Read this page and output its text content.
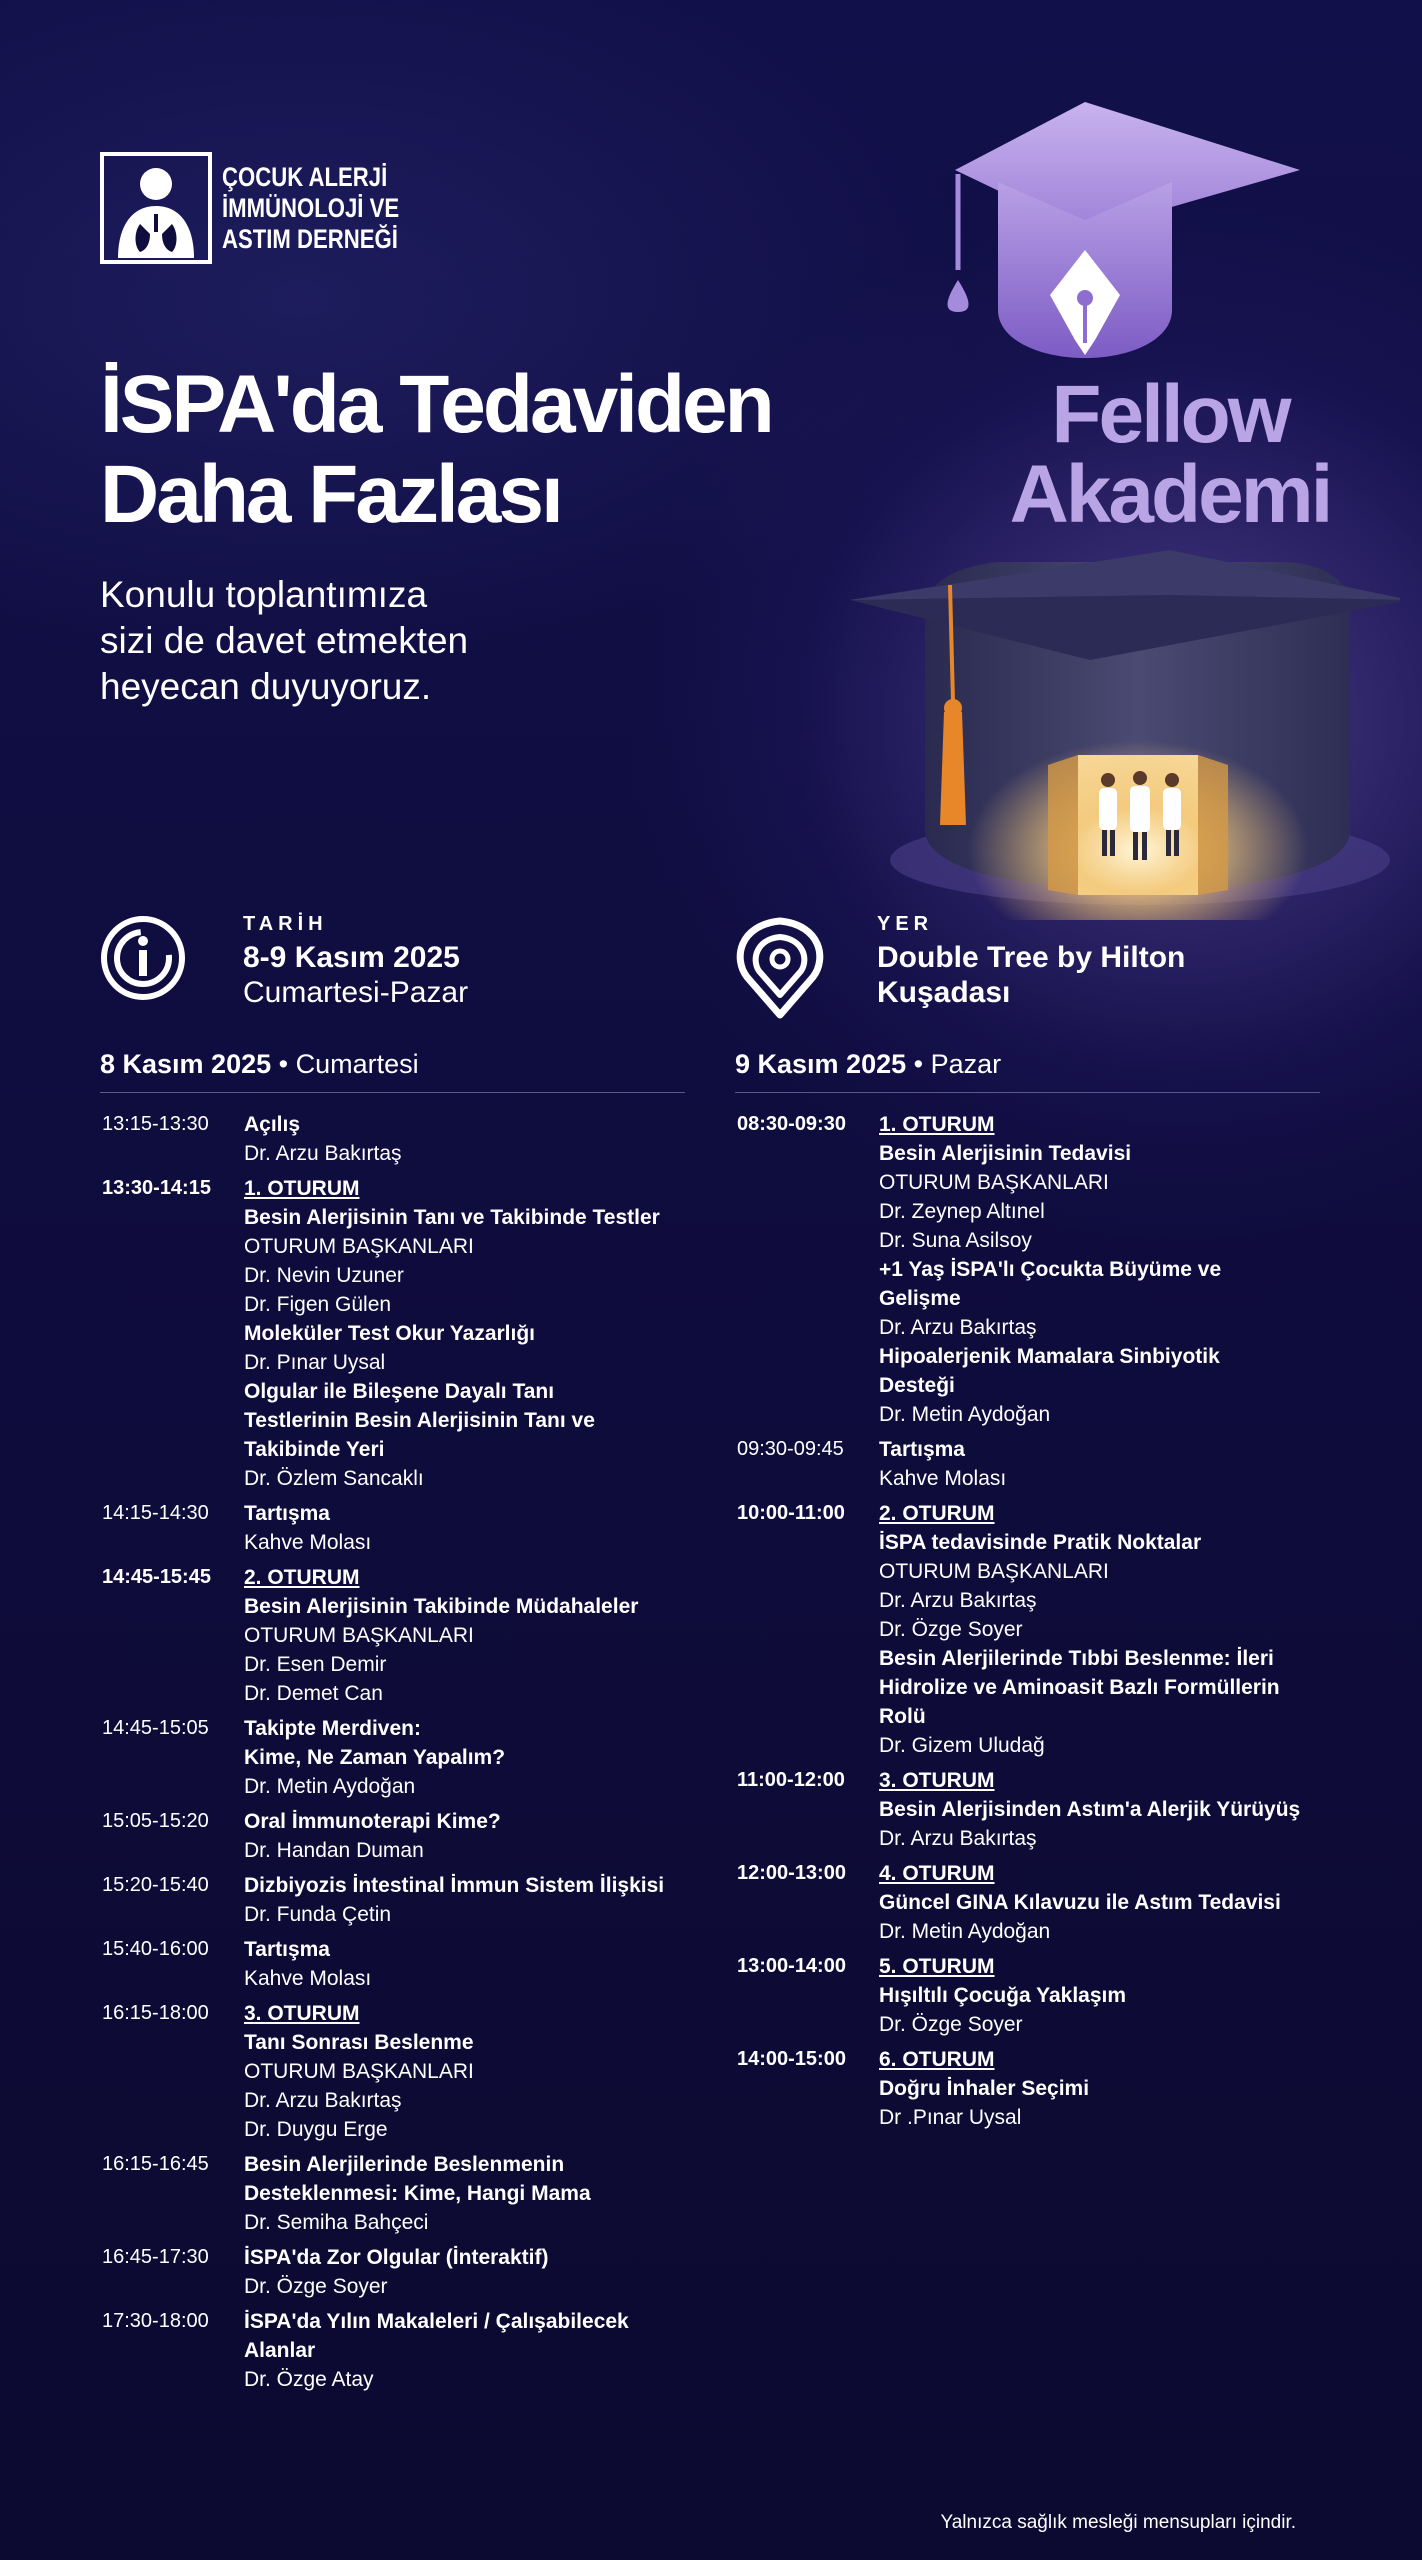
ÇOCUK ALERJİ
İMMÜNOLOJİ VE
ASTIM DERNEĞİ
İSPA'da Tedaviden
Daha Fazlası
Konulu toplantımıza
sizi de davet etmekten
heyecan duyuyoruz.
Fellow
Akademi
TARİH
8-9 Kasım 2025
Cumartesi-Pazar
YER
Double Tree by Hilton
Kuşadası
8 Kasım 2025 • Cumartesi	9 Kasım 2025 • Pazar
13:15-13:30	Açılış
Dr. Arzu Bakırtaş
13:30-14:15	1. OTURUM
Besin Alerjisinin Tanı ve Takibinde Testler
OTURUM BAŞKANLARI
Dr. Nevin Uzuner
Dr. Figen Gülen
Moleküler Test Okur Yazarlığı
Dr. Pınar Uysal
Olgular ile Bileşene Dayalı Tanı
Testlerinin Besin Alerjisinin Tanı ve
Takibinde Yeri
Dr. Özlem Sancaklı
14:15-14:30	Tartışma
Kahve Molası
14:45-15:45	2. OTURUM
Besin Alerjisinin Takibinde Müdahaleler
OTURUM BAŞKANLARI
Dr. Esen Demir
Dr. Demet Can
14:45-15:05	Takipte Merdiven:
Kime, Ne Zaman Yapalım?
Dr. Metin Aydoğan
15:05-15:20	Oral İmmunoterapi Kime?
Dr. Handan Duman
15:20-15:40	Dizbiyozis İntestinal İmmun Sistem İlişkisi
Dr. Funda Çetin
15:40-16:00	Tartışma
Kahve Molası
16:15-18:00	3. OTURUM
Tanı Sonrası Beslenme
OTURUM BAŞKANLARI
Dr. Arzu Bakırtaş
Dr. Duygu Erge
16:15-16:45	Besin Alerjilerinde Beslenmenin
Desteklenmesi: Kime, Hangi Mama
Dr. Semiha Bahçeci
16:45-17:30	İSPA'da Zor Olgular (İnteraktif)
Dr. Özge Soyer
17:30-18:00	İSPA'da Yılın Makaleleri / Çalışabilecek
Alanlar
Dr. Özge Atay
08:30-09:30	1. OTURUM
Besin Alerjisinin Tedavisi
OTURUM BAŞKANLARI
Dr. Zeynep Altınel
Dr. Suna Asilsoy
+1 Yaş İSPA'lı Çocukta Büyüme ve
Gelişme
Dr. Arzu Bakırtaş
Hipoalerjenik Mamalara Sinbiyotik
Desteği
Dr. Metin Aydoğan
09:30-09:45	Tartışma
Kahve Molası
10:00-11:00	2. OTURUM
İSPA tedavisinde Pratik Noktalar
OTURUM BAŞKANLARI
Dr. Arzu Bakırtaş
Dr. Özge Soyer
Besin Alerjilerinde Tıbbi Beslenme: İleri
Hidrolize ve Aminoasit Bazlı Formüllerin
Rolü
Dr. Gizem Uludağ
11:00-12:00	3. OTURUM
Besin Alerjisinden Astım'a Alerjik Yürüyüş
Dr. Arzu Bakırtaş
12:00-13:00	4. OTURUM
Güncel GINA Kılavuzu ile Astım Tedavisi
Dr. Metin Aydoğan
13:00-14:00	5. OTURUM
Hışıltılı Çocuğa Yaklaşım
Dr. Özge Soyer
14:00-15:00	6. OTURUM
Doğru İnhaler Seçimi
Dr .Pınar Uysal
Yalnızca sağlık mesleği mensupları içindir.
